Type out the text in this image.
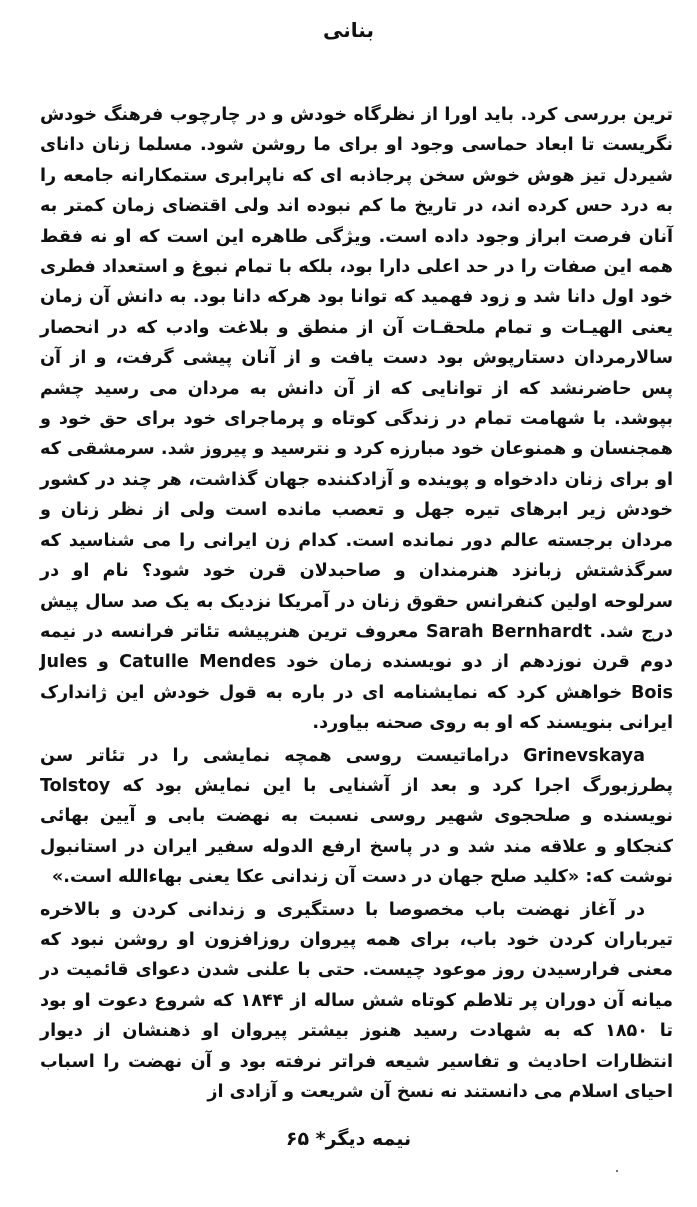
بنانی

ترین بررسی کرد. باید اورا از نظرگاه خودش و در چارچوب فرهنگ خودش نگریست تا ابعاد حماسی وجود او برای ما روشن شود. مسلما زنان دانای شیردل تیز هوش خوش سخن پرجاذبه ای که ناپرابری ستمکارانه جامعه را به درد حس کرده اند، در تاریخ ما کم نبوده اند ولی اقتضای زمان کمتر به آنان فرصت ابراز وجود داده است. ویژگی طاهره این است که او نه فقط همه این صفات را در حد اعلی دارا بود، بلکه با تمام نبوغ و استعداد فطری خود اول دانا شد و زود فهمید که توانا بود هرکه دانا بود. به دانش آن زمان یعنی الهیـات و تمام ملحقـات آن از منطق و بلاغت وادب که در انحصار سالارمردان دستارپوش بود دست یافت و از آنان پیشی گرفت، و از آن پس حاضرنشد که از توانایی که از آن دانش به مردان می رسید چشم بپوشد. با شهامت تمام در زندگی کوتاه و پرماجرای خود برای حق خود و همجنسان و همنوعان خود مبارزه کرد و نترسید و پیروز شد. سرمشقی که او برای زنان دادخواه و پوینده و آزادکننده جهان گذاشت، هر چند در کشور خودش زیر ابرهای تیره جهل و تعصب مانده است ولی از نظر زنان و مردان برجسته عالم دور نمانده است. کدام زن ایرانی را می شناسید که سرگذشتش زبانزد هنرمندان و صاحبدلان قرن خود شود؟ نام او در سرلوحه اولین کنفرانس حقوق زنان در آمریکا نزدیک به یک صد سال پیش درج شد. Sarah Bernhardt معروف ترین هنرپیشه تئاتر فرانسه در نیمه دوم قرن نوزدهم از دو نویسنده زمان خود Catulle Mendes و Jules Bois خواهش کرد که نمایشنامه ای در باره به قول خودش این ژاندارک ایرانی بنویسند که او به روی صحنه بیاورد.

Grinevskaya دراماتیست روسی همچه نمایشی را در تئاتر سن پطرزبورگ اجرا کرد و بعد از آشنایی با این نمایش بود که Tolstoy نویسنده و صلحجوی شهیر روسی نسبت به نهضت بابی و آیین بهائی کنجکاو و علاقه مند شد و در پاسخ ارفع الدوله سفیر ایران در استانبول نوشت که: «کلید صلح جهان در دست آن زندانی عکا یعنی بهاءالله است.»

در آغاز نهضت باب مخصوصا با دستگیری و زندانی کردن و بالاخره تیرباران کردن خود باب، برای همه پیروان روزافزون او روشن نبود که معنی فرارسیدن روز موعود چیست. حتی با علنی شدن دعوای قائمیت در میانه آن دوران پر تلاطم کوتاه شش ساله از ۱۸۴۴ که شروع دعوت او بود تا ۱۸۵۰ که به شهادت رسید هنوز بیشتر پیروان او ذهنشان از دیوار انتظارات احادیث و تفاسیر شیعه فراتر نرفته بود و آن نهضت را اسباب احیای اسلام می دانستند نه نسخ آن شریعت و آزادی از

نیمه دیگر* ۶۵
